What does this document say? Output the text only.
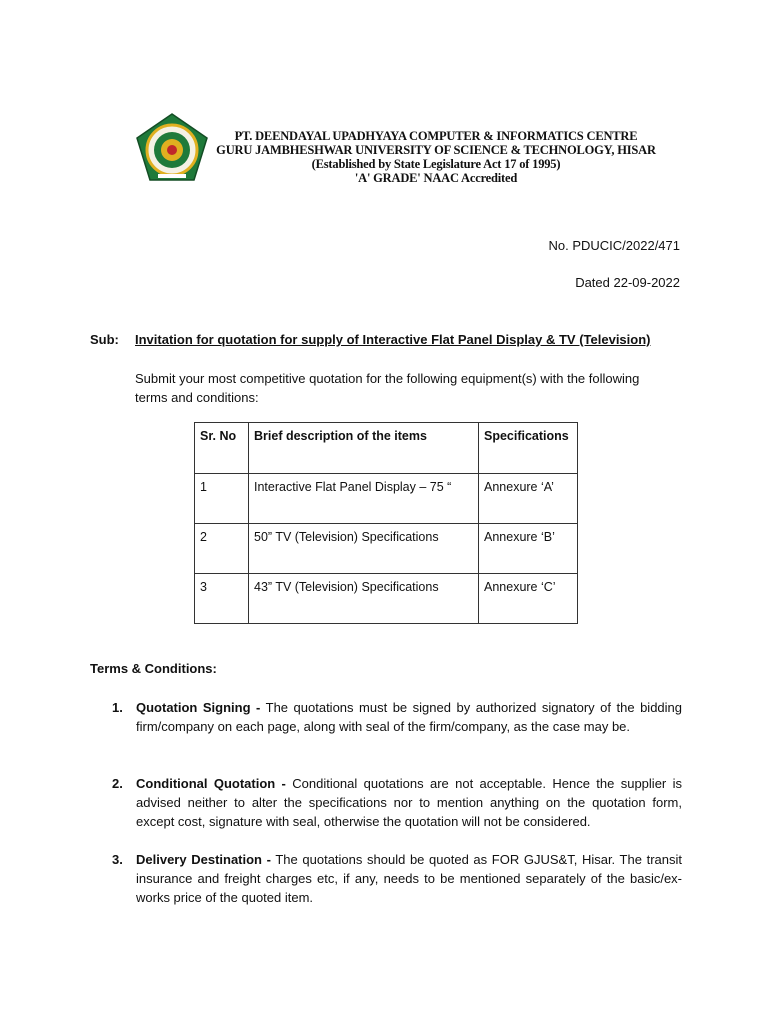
PT. DEENDAYAL UPADHYAYA COMPUTER & INFORMATICS CENTRE
GURU JAMBHESHWAR UNIVERSITY OF SCIENCE & TECHNOLOGY, HISAR
(Established by State Legislature Act 17 of 1995)
'A' GRADE' NAAC Accredited
No. PDUCIC/2022/471
Dated 22-09-2022
Sub: Invitation for quotation for supply of Interactive Flat Panel Display & TV (Television)
Submit your most competitive quotation for the following equipment(s) with the following terms and conditions:
Sr. No	Brief description of the items	Specifications
1	Interactive Flat Panel Display – 75 “	Annexure ‘A’
2	50” TV (Television) Specifications	Annexure ‘B’
3	43” TV (Television) Specifications	Annexure ‘C’
Terms & Conditions:
1. Quotation Signing - The quotations must be signed by authorized signatory of the bidding firm/company on each page, along with seal of the firm/company, as the case may be.
2. Conditional Quotation - Conditional quotations are not acceptable. Hence the supplier is advised neither to alter the specifications nor to mention anything on the quotation form, except cost, signature with seal, otherwise the quotation will not be considered.
3. Delivery Destination - The quotations should be quoted as FOR GJUS&T, Hisar. The transit insurance and freight charges etc, if any, needs to be mentioned separately of the basic/ex-works price of the quoted item.
